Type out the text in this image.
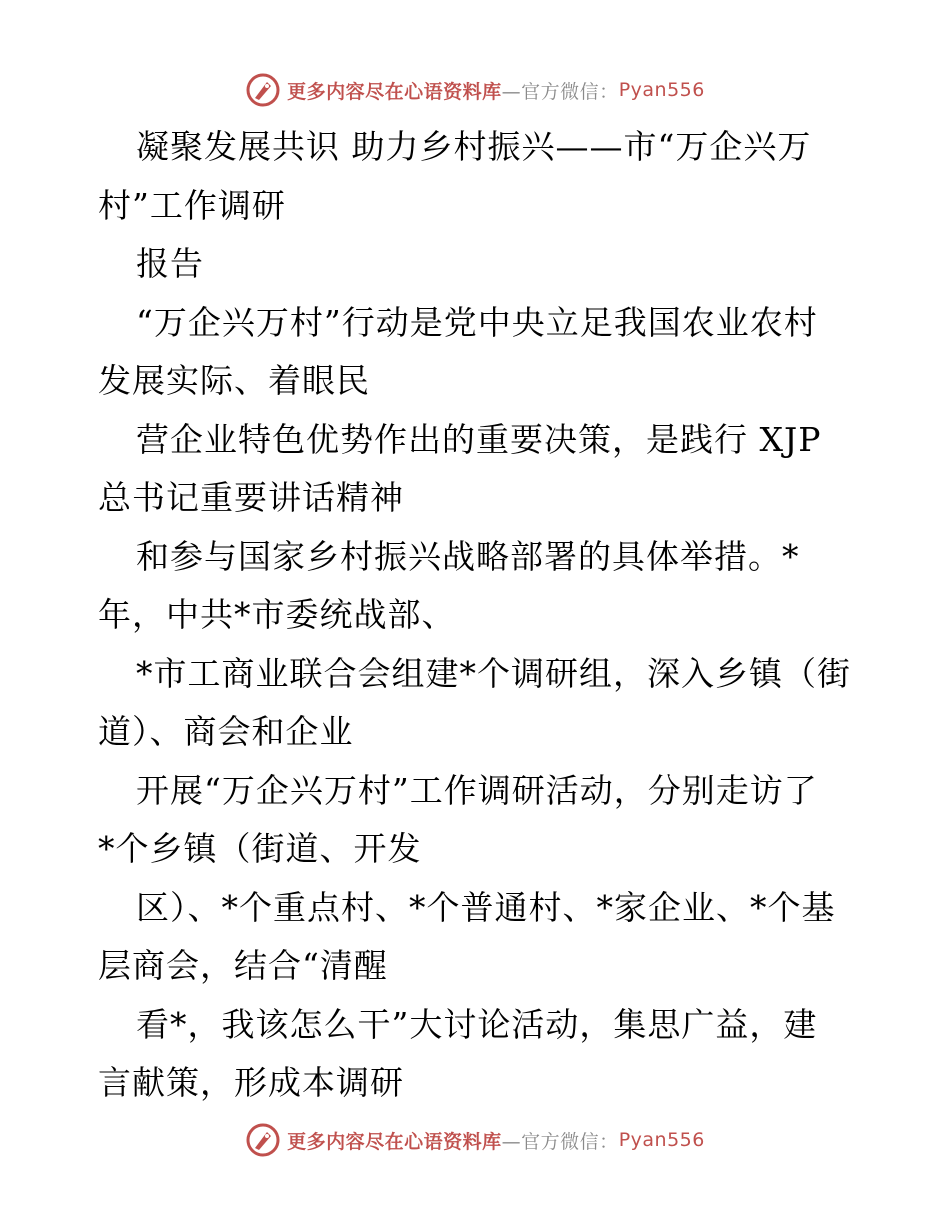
更多内容尽在心语资料库 —官方微信： Pyan556
凝聚发展共识 助力乡村振兴——市“万企兴万
村”工作调研
报告
“万企兴万村”行动是党中央立足我国农业农村
发展实际、着眼民
营企业特色优势作出的重要决策，是践行 XJP
总书记重要讲话精神
和参与国家乡村振兴战略部署的具体举措。*
年，中共*市委统战部、
*市工商业联合会组建*个调研组，深入乡镇（街
道）、商会和企业
开展“万企兴万村”工作调研活动，分别走访了
*个乡镇（街道、开发
区）、*个重点村、*个普通村、*家企业、*个基
层商会，结合“清醒
看*，我该怎么干”大讨论活动，集思广益，建
言献策，形成本调研
更多内容尽在心语资料库 —官方微信： Pyan556
